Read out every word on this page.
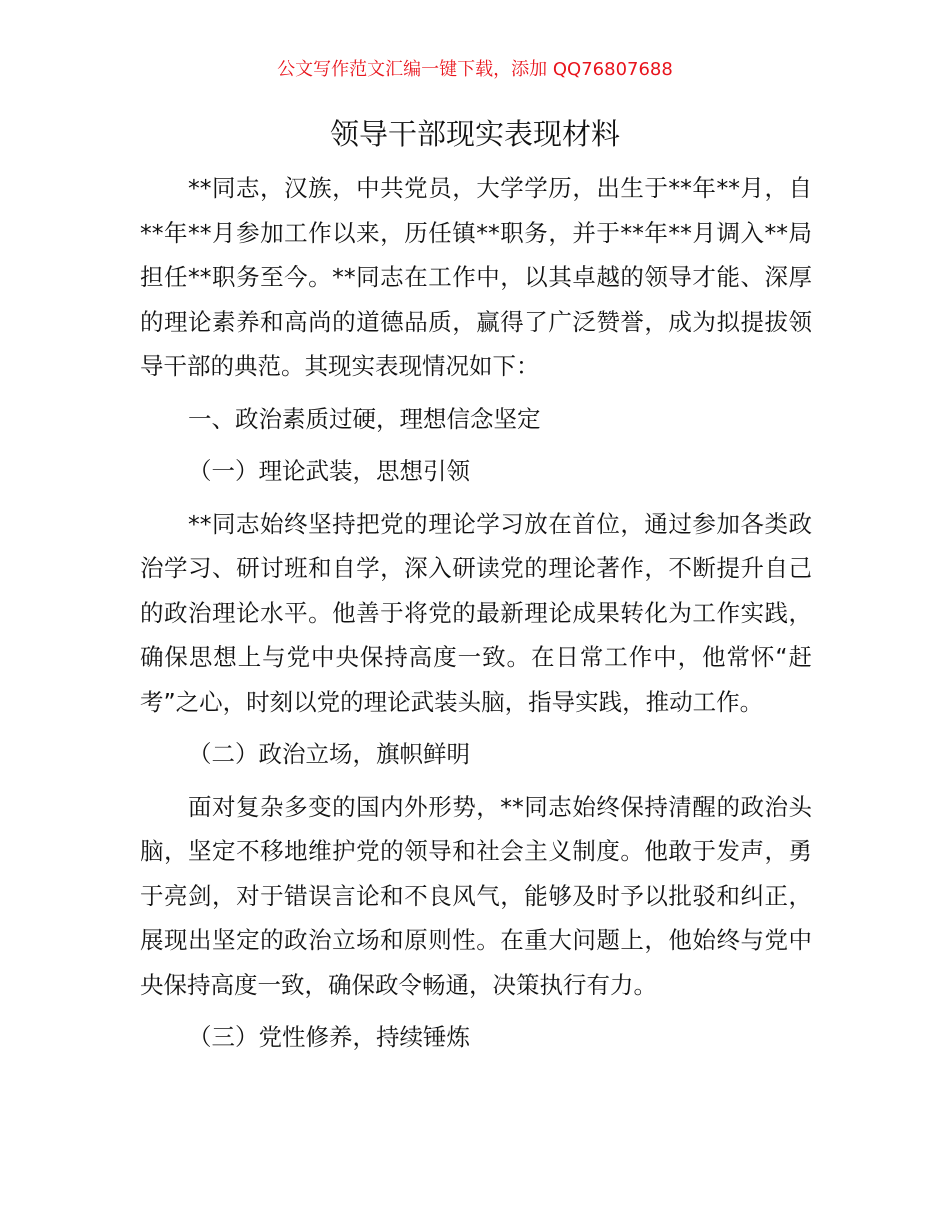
公文写作范文汇编一键下载，添加 QQ76807688
领导干部现实表现材料

**同志，汉族，中共党员，大学学历，出生于**年**月，自**年**月参加工作以来，历任镇**职务，并于**年**月调入**局担任**职务至今。**同志在工作中，以其卓越的领导才能、深厚的理论素养和高尚的道德品质，赢得了广泛赞誉，成为拟提拔领导干部的典范。其现实表现情况如下：

一、政治素质过硬，理想信念坚定

（一）理论武装，思想引领

**同志始终坚持把党的理论学习放在首位，通过参加各类政治学习、研讨班和自学，深入研读党的理论著作，不断提升自己的政治理论水平。他善于将党的最新理论成果转化为工作实践，确保思想上与党中央保持高度一致。在日常工作中，他常怀“赶考”之心，时刻以党的理论武装头脑，指导实践，推动工作。

（二）政治立场，旗帜鲜明

面对复杂多变的国内外形势，**同志始终保持清醒的政治头脑，坚定不移地维护党的领导和社会主义制度。他敢于发声，勇于亮剑，对于错误言论和不良风气，能够及时予以批驳和纠正，展现出坚定的政治立场和原则性。在重大问题上，他始终与党中央保持高度一致，确保政令畅通，决策执行有力。

（三）党性修养，持续锤炼
